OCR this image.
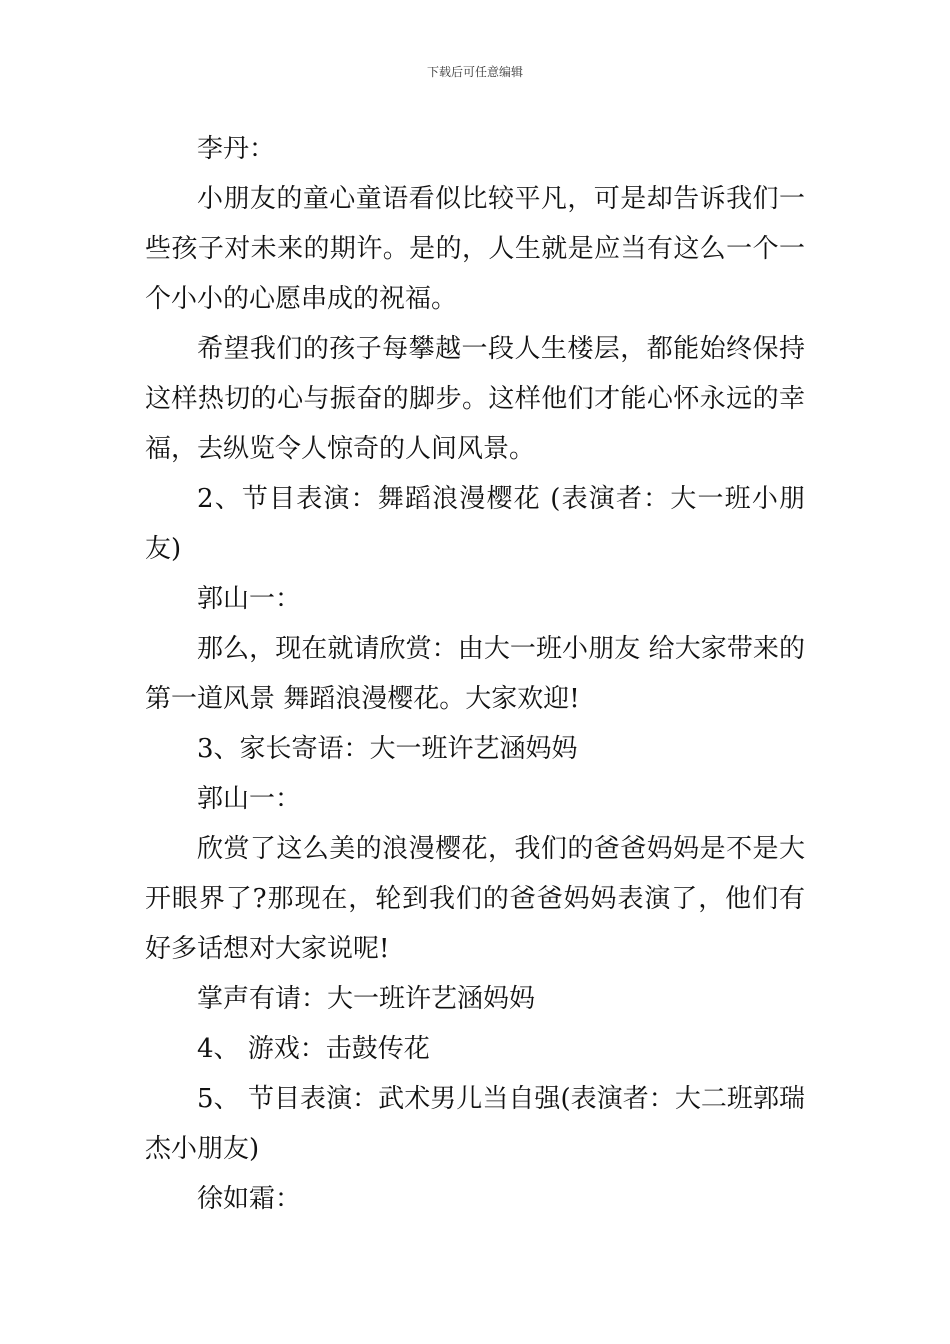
下载后可任意编辑

李丹：

小朋友的童心童语看似比较平凡，可是却告诉我们一些孩子对未来的期许。是的，人生就是应当有这么一个一个小小的心愿串成的祝福。

希望我们的孩子每攀越一段人生楼层，都能始终保持这样热切的心与振奋的脚步。这样他们才能心怀永远的幸福，去纵览令人惊奇的人间风景。

2、节目表演：舞蹈浪漫樱花 (表演者：大一班小朋友)

郭山一：

那么，现在就请欣赏：由大一班小朋友 给大家带来的第一道风景 舞蹈浪漫樱花。大家欢迎!

3、家长寄语：大一班许艺涵妈妈

郭山一：

欣赏了这么美的浪漫樱花，我们的爸爸妈妈是不是大开眼界了?那现在，轮到我们的爸爸妈妈表演了，他们有好多话想对大家说呢!

掌声有请：大一班许艺涵妈妈

4、 游戏：击鼓传花

5、 节目表演：武术男儿当自强(表演者：大二班郭瑞杰小朋友)

徐如霜：
